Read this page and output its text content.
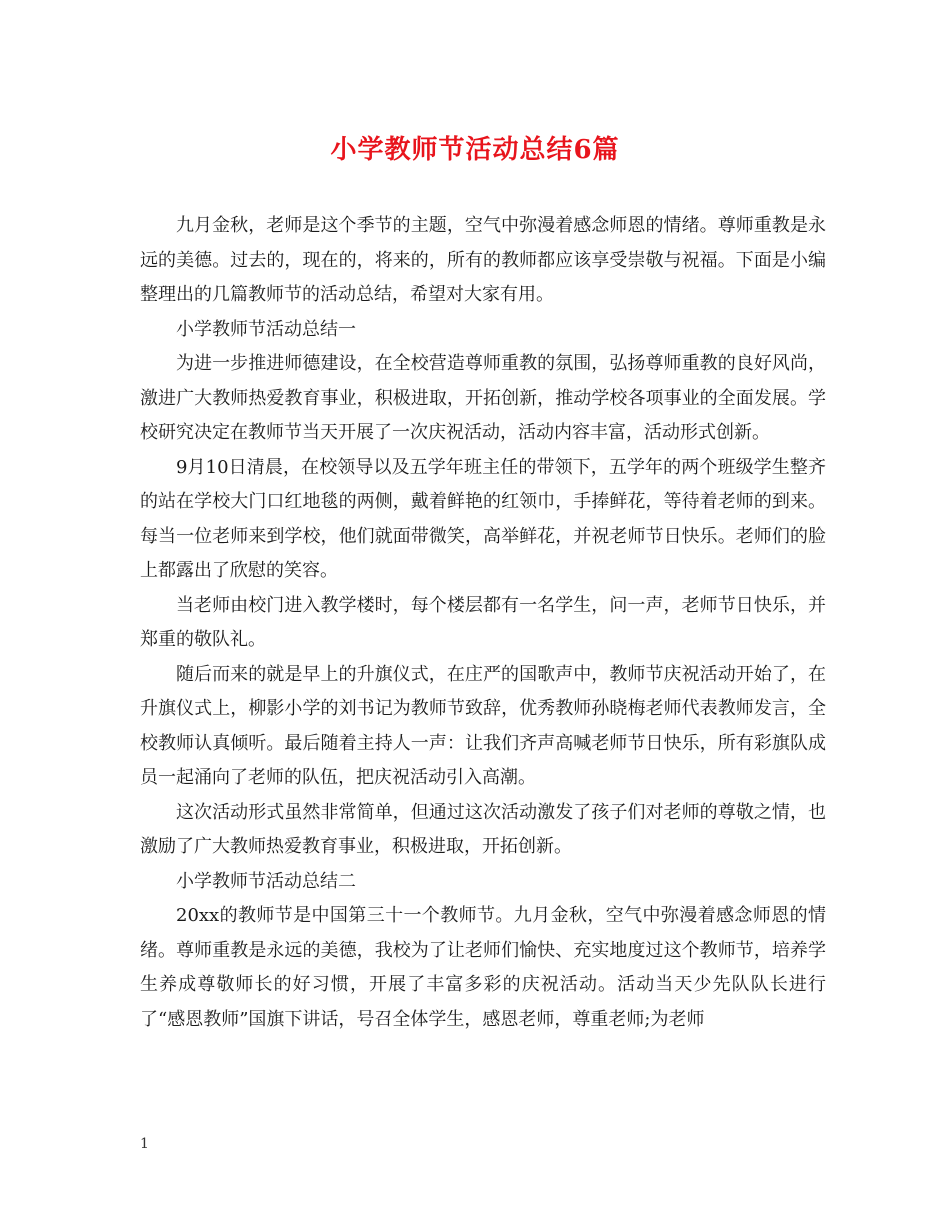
小学教师节活动总结6篇

九月金秋，老师是这个季节的主题，空气中弥漫着感念师恩的情绪。尊师重教是永远的美德。过去的，现在的，将来的，所有的教师都应该享受崇敬与祝福。下面是小编整理出的几篇教师节的活动总结，希望对大家有用。

小学教师节活动总结一

为进一步推进师德建设，在全校营造尊师重教的氛围，弘扬尊师重教的良好风尚，激进广大教师热爱教育事业，积极进取，开拓创新，推动学校各项事业的全面发展。学校研究决定在教师节当天开展了一次庆祝活动，活动内容丰富，活动形式创新。

9月10日清晨，在校领导以及五学年班主任的带领下，五学年的两个班级学生整齐的站在学校大门口红地毯的两侧，戴着鲜艳的红领巾，手捧鲜花，等待着老师的到来。每当一位老师来到学校，他们就面带微笑，高举鲜花，并祝老师节日快乐。老师们的脸上都露出了欣慰的笑容。

当老师由校门进入教学楼时，每个楼层都有一名学生，问一声，老师节日快乐，并郑重的敬队礼。

随后而来的就是早上的升旗仪式，在庄严的国歌声中，教师节庆祝活动开始了，在升旗仪式上，柳影小学的刘书记为教师节致辞，优秀教师孙晓梅老师代表教师发言，全校教师认真倾听。最后随着主持人一声：让我们齐声高喊老师节日快乐，所有彩旗队成员一起涌向了老师的队伍，把庆祝活动引入高潮。

这次活动形式虽然非常简单，但通过这次活动激发了孩子们对老师的尊敬之情，也激励了广大教师热爱教育事业，积极进取，开拓创新。

小学教师节活动总结二

20xx的教师节是中国第三十一个教师节。九月金秋，空气中弥漫着感念师恩的情绪。尊师重教是永远的美德，我校为了让老师们愉快、充实地度过这个教师节，培养学生养成尊敬师长的好习惯，开展了丰富多彩的庆祝活动。活动当天少先队队长进行了“感恩教师”国旗下讲话，号召全体学生，感恩老师，尊重老师;为老师

1
